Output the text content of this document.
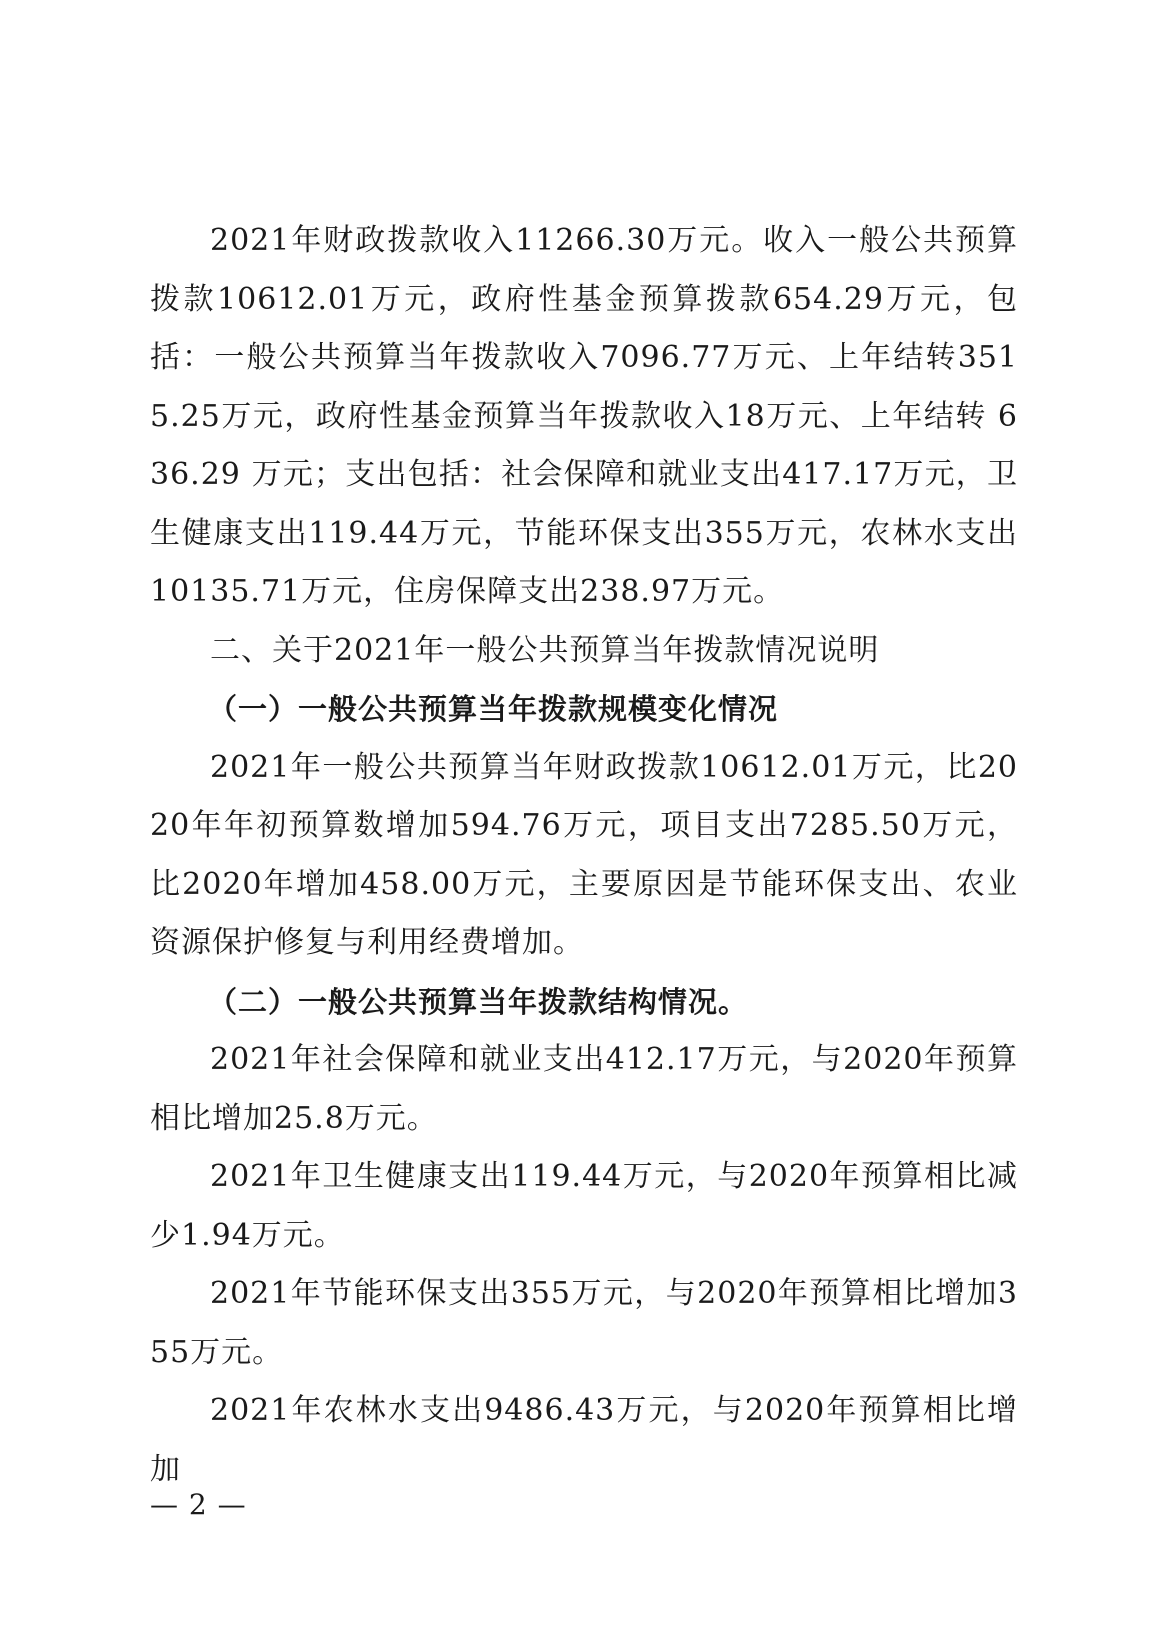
2021年财政拨款收入11266.30万元。收入一般公共预算拨款10612.01万元，政府性基金预算拨款654.29万元，包括：一般公共预算当年拨款收入7096.77万元、上年结转3515.25万元，政府性基金预算当年拨款收入18万元、上年结转 636.29 万元；支出包括：社会保障和就业支出417.17万元，卫生健康支出119.44万元，节能环保支出355万元，农林水支出10135.71万元，住房保障支出238.97万元。

二、关于2021年一般公共预算当年拨款情况说明

（一）一般公共预算当年拨款规模变化情况

2021年一般公共预算当年财政拨款10612.01万元，比2020年年初预算数增加594.76万元，项目支出7285.50万元，比2020年增加458.00万元，主要原因是节能环保支出、农业资源保护修复与利用经费增加。

（二）一般公共预算当年拨款结构情况。

2021年社会保障和就业支出412.17万元，与2020年预算相比增加25.8万元。

2021年卫生健康支出119.44万元，与2020年预算相比减少1.94万元。

2021年节能环保支出355万元，与2020年预算相比增加355万元。

2021年农林水支出9486.43万元，与2020年预算相比增加

— 2 —
